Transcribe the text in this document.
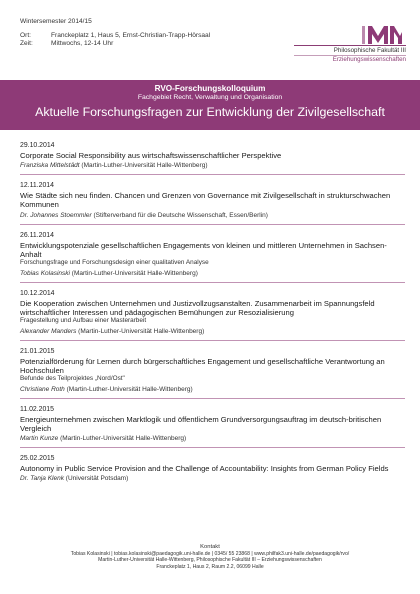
Wintersemester 2014/15
Ort:	Franckeplatz 1, Haus 5, Ernst-Christian-Trapp-Hörsaal
Zeit:	Mittwochs, 12-14 Uhr
Philosophische Fakultät III
Erziehungswissenschaften
RVO-Forschungskolloquium
Fachgebiet Recht, Verwaltung und Organisation
Aktuelle Forschungsfragen zur Entwicklung der Zivilgesellschaft
29.10.2014
Corporate Social Responsibility aus wirtschaftswissenschaftlicher Perspektive
Franziska Mittelstädt (Martin-Luther-Universität Halle-Wittenberg)
12.11.2014
Wie Städte sich neu finden. Chancen und Grenzen von Governance mit Zivilgesellschaft in strukturschwachen Kommunen
Dr. Johannes Stoemmler (Stifterverband für die Deutsche Wissenschaft, Essen/Berlin)
26.11.2014
Entwicklungspotenziale gesellschaftlichen Engagements von kleinen und mittleren Unternehmen in Sachsen-Anhalt
Forschungsfrage und Forschungsdesign einer qualitativen Analyse
Tobias Kolasinski (Martin-Luther-Universität Halle-Wittenberg)
10.12.2014
Die Kooperation zwischen Unternehmen und Justizvollzugsanstalten. Zusammenarbeit im Spannungsfeld wirtschaftlicher Interessen und pädagogischen Bemühungen zur Resozialisierung
Fragestellung und Aufbau einer Masterarbeit
Alexander Manders (Martin-Luther-Universität Halle-Wittenberg)
21.01.2015
Potenzialförderung für Lernen durch bürgerschaftliches Engagement und gesellschaftliche Verantwortung an Hochschulen
Befunde des Teilprojektes „Nord/Ost"
Christiane Roth (Martin-Luther-Universität Halle-Wittenberg)
11.02.2015
Energieunternehmen zwischen Marktlogik und öffentlichem Grundversorgungsauftrag im deutsch-britischen Vergleich
Martin Kunze (Martin-Luther-Universität Halle-Wittenberg)
25.02.2015
Autonomy in Public Service Provision and the Challenge of Accountability: Insights from German Policy Fields
Dr. Tanja Klenk (Universität Potsdam)
Kontakt
Tobias Kolasinski | tobias.kolasinski@paedagogik.uni-halle.de | 0345/ 55 23868 | www.philfak3.uni-halle.de/paedagogik/rvo/
Martin-Luther-Universität Halle-Wittenberg, Philosophische Fakultät III – Erziehungswissenschaften
Franckeplatz 1, Haus 2, Raum 2.2, 06099 Halle
